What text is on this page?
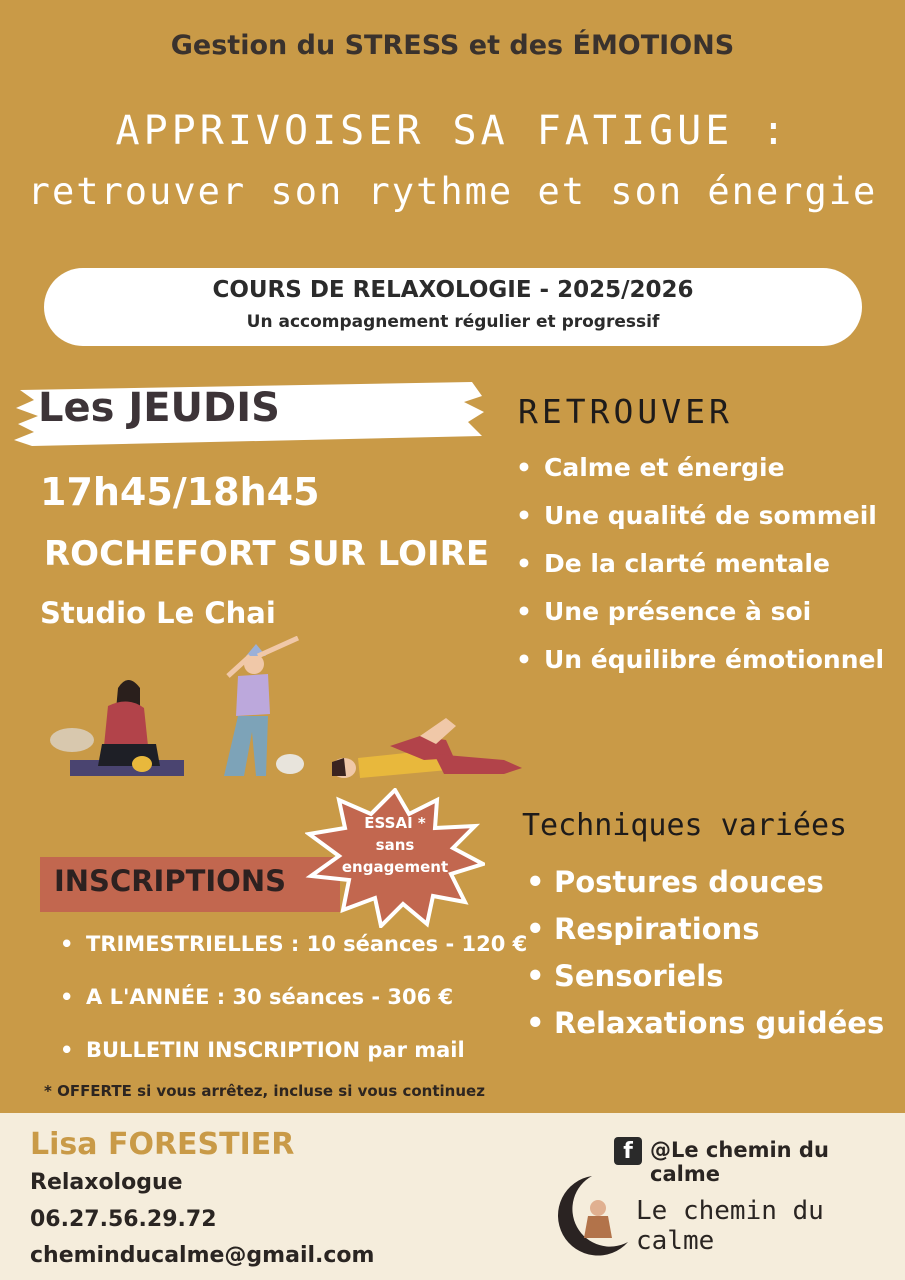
Gestion du STRESS et des ÉMOTIONS
APPRIVOISER SA FATIGUE :
retrouver son rythme et son énergie
COURS DE RELAXOLOGIE - 2025/2026
Un accompagnement régulier et progressif
Les JEUDIS
17h45/18h45
ROCHEFORT SUR LOIRE
Studio Le Chai
RETROUVER
• Calme et énergie
• Une qualité de sommeil
• De la clarté mentale
• Une présence à soi
• Un équilibre émotionnel
INSCRIPTIONS
ESSAI *
sans
engagement
• TRIMESTRIELLES : 10 séances - 120 €
• A L'ANNÉE : 30 séances - 306 €
• BULLETIN INSCRIPTION par mail
* OFFERTE si vous arrêtez, incluse si vous continuez
Techniques variées
• Postures douces
• Respirations
• Sensoriels
• Relaxations guidées
Lisa FORESTIER
Relaxologue
06.27.56.29.72
cheminducalme@gmail.com
f @Le chemin du calme
Le chemin du calme
